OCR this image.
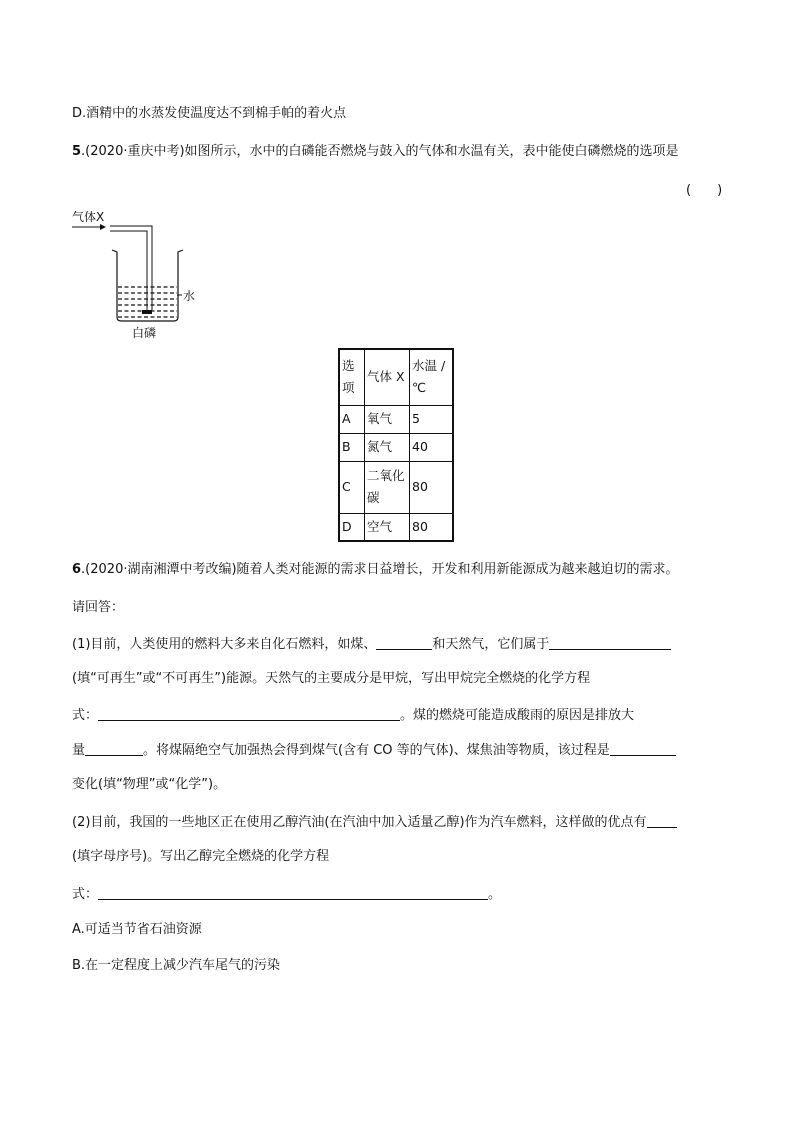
D.酒精中的水蒸发使温度达不到棉手帕的着火点
5.(2020·重庆中考)如图所示，水中的白磷能否燃烧与鼓入的气体和水温有关，表中能使白磷燃烧的选项是
(　　)
气体X
水
白磷
选项	气体 X	水温 / ℃
A	氧气	5
B	氮气	40
C	二氧化碳	80
D	空气	80
6.(2020·湖南湘潭中考改编)随着人类对能源的需求日益增长，开发和利用新能源成为越来越迫切的需求。
请回答：
(1)目前，人类使用的燃料大多来自化石燃料，如煤、	和天然气，它们属于
(填“可再生”或“不可再生”)能源。天然气的主要成分是甲烷，写出甲烷完全燃烧的化学方程
式：	。煤的燃烧可能造成酸雨的原因是排放大
量	。将煤隔绝空气加强热会得到煤气(含有 CO 等的气体)、煤焦油等物质，该过程是
变化(填“物理”或“化学”)。
(2)目前，我国的一些地区正在使用乙醇汽油(在汽油中加入适量乙醇)作为汽车燃料，这样做的优点有
(填字母序号)。写出乙醇完全燃烧的化学方程
式：	。
A.可适当节省石油资源
B.在一定程度上减少汽车尾气的污染
